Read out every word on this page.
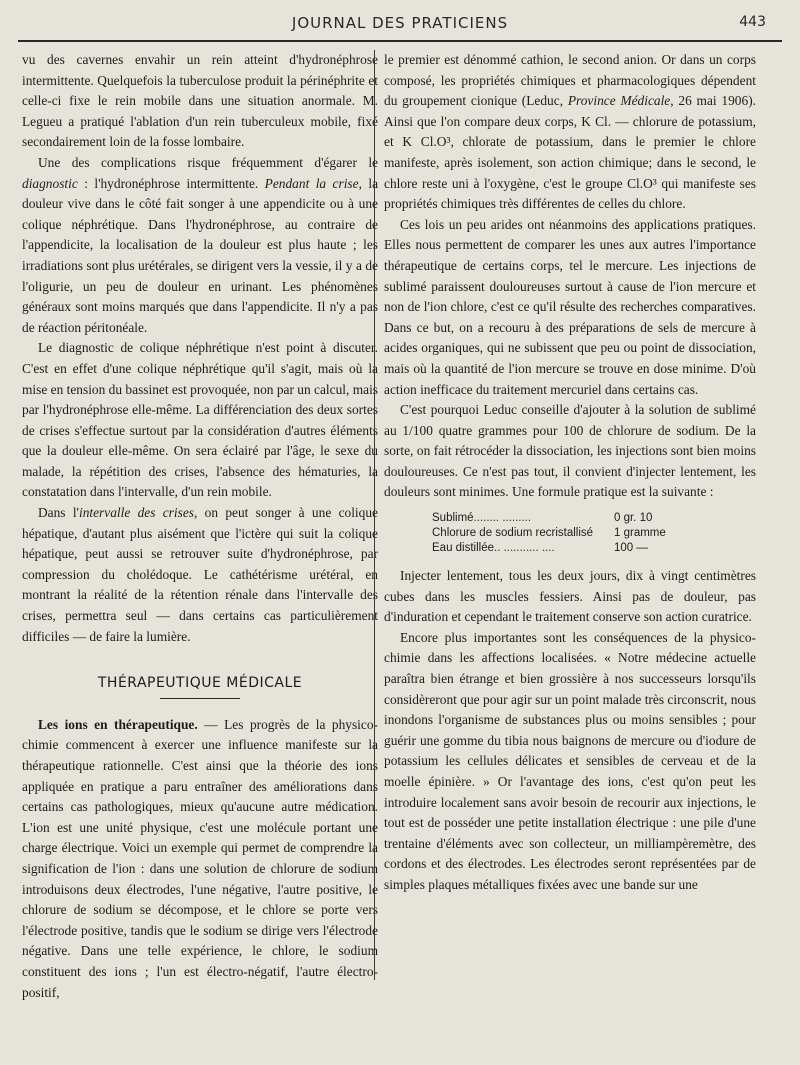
JOURNAL DES PRATICIENS	443

vu des cavernes envahir un rein atteint d'hydronéphrose intermittente. Quelquefois la tuberculose produit la périnéphrite et celle-ci fixe le rein mobile dans une situation anormale. M. Legueu a pratiqué l'ablation d'un rein tuberculeux mobile, fixé secondairement loin de la fosse lombaire.

Une des complications risque fréquemment d'égarer le diagnostic : l'hydronéphrose intermittente. Pendant la crise, la douleur vive dans le côté fait songer à une appendicite ou à une colique néphrétique. Dans l'hydronéphrose, au contraire de l'appendicite, la localisation de la douleur est plus haute ; les irradiations sont plus urétérales, se dirigent vers la vessie, il y a de l'oligurie, un peu de douleur en urinant. Les phénomènes généraux sont moins marqués que dans l'appendicite. Il n'y a pas de réaction péritonéale.

Le diagnostic de colique néphrétique n'est point à discuter. C'est en effet d'une colique néphrétique qu'il s'agit, mais où la mise en tension du bassinet est provoquée, non par un calcul, mais par l'hydronéphrose elle-même. La différenciation des deux sortes de crises s'effectue surtout par la considération d'autres éléments que la douleur elle-même. On sera éclairé par l'âge, le sexe du malade, la répétition des crises, l'absence des hématuries, la constatation dans l'intervalle, d'un rein mobile.

Dans l'intervalle des crises, on peut songer à une colique hépatique, d'autant plus aisément que l'ictère qui suit la colique hépatique, peut aussi se retrouver suite d'hydronéphrose, par compression du cholédoque. Le cathétérisme urétéral, en montrant la réalité de la rétention rénale dans l'intervalle des crises, permettra seul — dans certains cas particulièrement difficiles — de faire la lumière.

THÉRAPEUTIQUE MÉDICALE

Les ions en thérapeutique. — Les progrès de la physico-chimie commencent à exercer une influence manifeste sur la thérapeutique rationnelle. C'est ainsi que la théorie des ions appliquée en pratique a paru entraîner des améliorations dans certains cas pathologiques, mieux qu'aucune autre médication. L'ion est une unité physique, c'est une molécule portant une charge électrique. Voici un exemple qui permet de comprendre la signification de l'ion : dans une solution de chlorure de sodium introduisons deux électrodes, l'une négative, l'autre positive, le chlorure de sodium se décompose, et le chlore se porte vers l'électrode positive, tandis que le sodium se dirige vers l'électrode négative. Dans une telle expérience, le chlore, le sodium constituent des ions ; l'un est électro-négatif, l'autre électro-positif,

le premier est dénommé cathion, le second anion. Or dans un corps composé, les propriétés chimiques et pharmacologiques dépendent du groupement cionique (Leduc, Province Médicale, 26 mai 1906). Ainsi que l'on compare deux corps, K Cl. — chlorure de potassium, et K Cl.O³, chlorate de potassium, dans le premier le chlore manifeste, après isolement, son action chimique; dans le second, le chlore reste uni à l'oxygène, c'est le groupe Cl.O³ qui manifeste ses propriétés chimiques très différentes de celles du chlore.

Ces lois un peu arides ont néanmoins des applications pratiques. Elles nous permettent de comparer les unes aux autres l'importance thérapeutique de certains corps, tel le mercure. Les injections de sublimé paraissent douloureuses surtout à cause de l'ion mercure et non de l'ion chlore, c'est ce qu'il résulte des recherches comparatives. Dans ce but, on a recouru à des préparations de sels de mercure à acides organiques, qui ne subissent que peu ou point de dissociation, mais où la quantité de l'ion mercure se trouve en dose minime. D'où action inefficace du traitement mercuriel dans certains cas.

C'est pourquoi Leduc conseille d'ajouter à la solution de sublimé au 1/100 quatre grammes pour 100 de chlorure de sodium. De la sorte, on fait rétrocéder la dissociation, les injections sont bien moins douloureuses. Ce n'est pas tout, il convient d'injecter lentement, les douleurs sont minimes. Une formule pratique est la suivante :

Sublimé........ .........	0 gr. 10
Chlorure de sodium recristallisé	1 gramme
Eau distillée.. ........... ....	100 —

Injecter lentement, tous les deux jours, dix à vingt centimètres cubes dans les muscles fessiers. Ainsi pas de douleur, pas d'induration et cependant le traitement conserve son action curatrice.

Encore plus importantes sont les conséquences de la physico-chimie dans les affections localisées. « Notre médecine actuelle paraîtra bien étrange et bien grossière à nos successeurs lorsqu'ils considèreront que pour agir sur un point malade très circonscrit, nous inondons l'organisme de substances plus ou moins sensibles ; pour guérir une gomme du tibia nous baignons de mercure ou d'iodure de potassium les cellules délicates et sensibles de cerveau et de la moelle épinière. » Or l'avantage des ions, c'est qu'on peut les introduire localement sans avoir besoin de recourir aux injections, le tout est de posséder une petite installation électrique : une pile d'une trentaine d'éléments avec son collecteur, un milliampèremètre, des cordons et des électrodes. Les électrodes seront représentées par de simples plaques métalliques fixées avec une bande sur une
